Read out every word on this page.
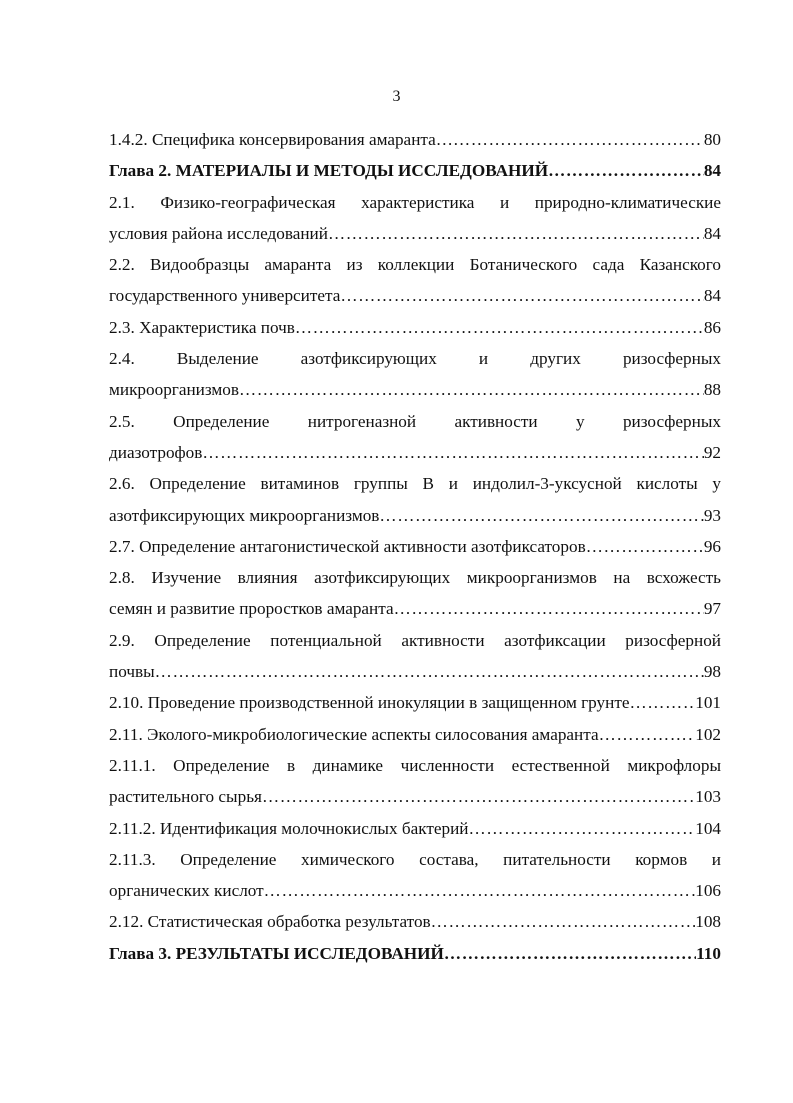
3
1.4.2. Специфика консервирования амаранта… ………………………………………………………………………………………………………………………………………………………………………………………………………………………………	80
Глава 2. МАТЕРИАЛЫ И МЕТОДЫ ИССЛЕДОВАНИЙ ………………………………………………………………………………………………………………………………………………………………………………………………………………………………	84
2.1. Физико-географическая характеристика и природно-климатические
условия района исследований ………………………………………………………………………………………………………………………………………………………………………………………………………………………………	84
2.2. Видообразцы амаранта из коллекции Ботанического сада Казанского
государственного университета ………………………………………………………………………………………………………………………………………………………………………………………………………………………………	84
2.3. Характеристика почв ………………………………………………………………………………………………………………………………………………………………………………………………………………………………	86
2.4. Выделение азотфиксирующих и других ризосферных
микроорганизмов ………………………………………………………………………………………………………………………………………………………………………………………………………………………………	88
2.5. Определение нитрогеназной активности у ризосферных
диазотрофов ………………………………………………………………………………………………………………………………………………………………………………………………………………………………	92
2.6. Определение витаминов группы В и индолил-3-уксусной кислоты у
азотфиксирующих микроорганизмов ………………………………………………………………………………………………………………………………………………………………………………………………………………………………	93
2.7. Определение антагонистической активности азотфиксаторов ………………………………………………………………………………………………………………………………………………………………………………………………………………………………	96
2.8. Изучение влияния азотфиксирующих микроорганизмов на всхожесть
семян и развитие проростков амаранта ………………………………………………………………………………………………………………………………………………………………………………………………………………………………	97
2.9. Определение потенциальной активности азотфиксации ризосферной
почвы ………………………………………………………………………………………………………………………………………………………………………………………………………………………………	98
2.10. Проведение производственной инокуляции в защищенном грунте ………………………………………………………………………………………………………………………………………………………………………………………………………………………………	101
2.11. Эколого-микробиологические аспекты силосования амаранта ………………………………………………………………………………………………………………………………………………………………………………………………………………………………	102
2.11.1. Определение в динамике численности естественной микрофлоры
растительного сырья ………………………………………………………………………………………………………………………………………………………………………………………………………………………………	103
2.11.2. Идентификация молочнокислых бактерий ………………………………………………………………………………………………………………………………………………………………………………………………………………………………	104
2.11.3. Определение химического состава, питательности кормов и
органических кислот ………………………………………………………………………………………………………………………………………………………………………………………………………………………………	106
2.12. Статистическая обработка результатов ………………………………………………………………………………………………………………………………………………………………………………………………………………………………	108
Глава 3. РЕЗУЛЬТАТЫ ИССЛЕДОВАНИЙ ………………………………………………………………………………………………………………………………………………………………………………………………………………………………	110
